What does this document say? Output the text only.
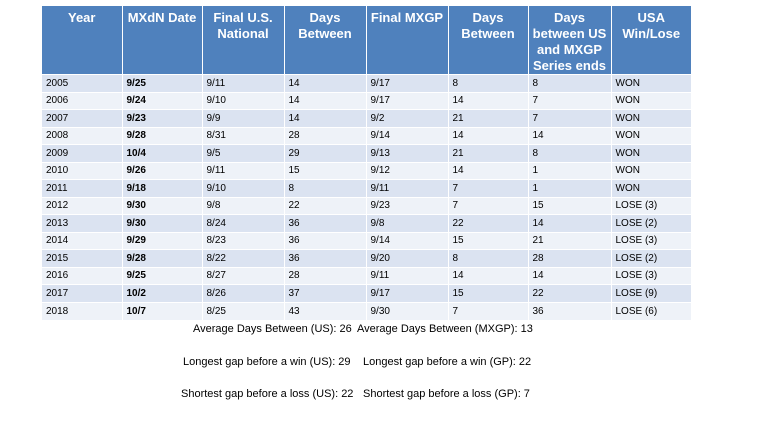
Year	MXdN Date	Final U.S. National	Days Between	Final MXGP	Days Between	Days between US and MXGP Series ends	USA Win/Lose
2005	9/25	9/11	14	9/17	8	8	WON
2006	9/24	9/10	14	9/17	14	7	WON
2007	9/23	9/9	14	9/2	21	7	WON
2008	9/28	8/31	28	9/14	14	14	WON
2009	10/4	9/5	29	9/13	21	8	WON
2010	9/26	9/11	15	9/12	14	1	WON
2011	9/18	9/10	8	9/11	7	1	WON
2012	9/30	9/8	22	9/23	7	15	LOSE (3)
2013	9/30	8/24	36	9/8	22	14	LOSE (2)
2014	9/29	8/23	36	9/14	15	21	LOSE (3)
2015	9/28	8/22	36	9/20	8	28	LOSE (2)
2016	9/25	8/27	28	9/11	14	14	LOSE (3)
2017	10/2	8/26	37	9/17	15	22	LOSE (9)
2018	10/7	8/25	43	9/30	7	36	LOSE (6)
Average Days Between (US): 26 Average Days Between (MXGP): 13
Longest gap before a win (US): 29 Longest gap before a win (GP): 22
Shortest gap before a loss (US): 22 Shortest gap before a loss (GP): 7
